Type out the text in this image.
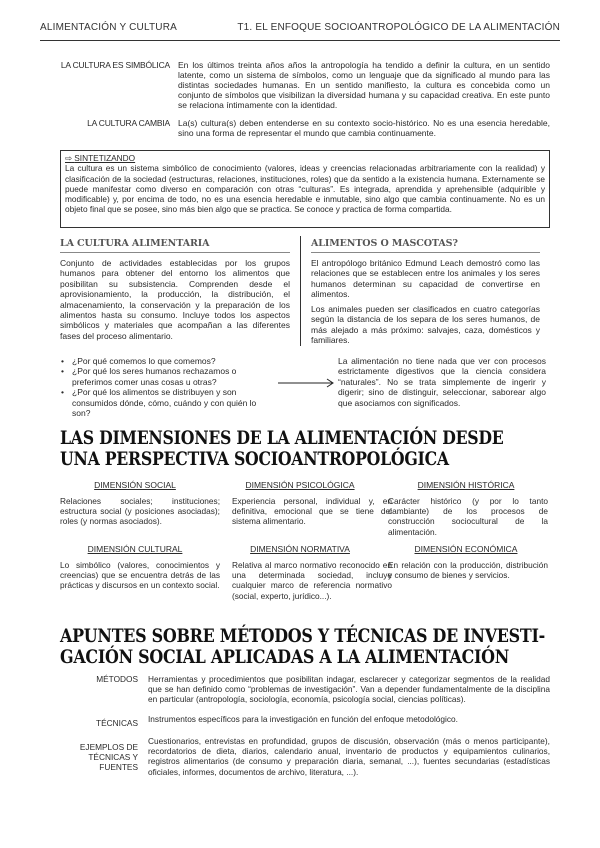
ALIMENTACIÓN Y CULTURA	T1. EL ENFOQUE SOCIOANTROPOLÓGICO DE LA ALIMENTACIÓN
LA CULTURA ES SIMBÓLICA En los últimos treinta años años la antropología ha tendido a definir la cultura, en un sentido latente, como un sistema de símbolos, como un lenguaje que da significado al mundo para las distintas sociedades humanas. En un sentido manifiesto, la cultura es concebida como un conjunto de símbolos que visibilizan la diversidad humana y su capacidad creativa. En este punto se relaciona íntimamente con la identidad.
LA CULTURA CAMBIA La(s) cultura(s) deben entenderse en su contexto socio-histórico. No es una esencia heredable, sino una forma de representar el mundo que cambia continuamente.
⇨ SINTETIZANDO
La cultura es un sistema simbólico de conocimiento (valores, ideas y creencias relacionadas arbitrariamente con la realidad) y clasificación de la sociedad (estructuras, relaciones, instituciones, roles) que da sentido a la existencia humana. Externamente se puede manifestar como diverso en comparación con otras “culturas”. Es integrada, aprendida y aprehensible (adquirible y modificable) y, por encima de todo, no es una esencia heredable e inmutable, sino algo que cambia continuamente. No es un objeto final que se posee, sino más bien algo que se practica. Se conoce y practica de forma compartida.
LA CULTURA ALIMENTARIA
Conjunto de actividades establecidas por los grupos humanos para obtener del entorno los alimentos que posibilitan su subsistencia. Comprenden desde el aprovisionamiento, la producción, la distribución, el almacenamiento, la conservación y la preparación de los alimentos hasta su consumo. Incluye todos los aspectos simbólicos y materiales que acompañan a las diferentes fases del proceso alimentario.
ALIMENTOS O MASCOTAS?
El antropólogo británico Edmund Leach demostró como las relaciones que se establecen entre los animales y los seres humanos determinan su capacidad de convertirse en alimentos.
Los animales pueden ser clasificados en cuatro categorías según la distancia de los separa de los seres humanos, de más alejado a más próximo: salvajes, caza, domésticos y familiares.
• ¿Por qué comemos lo que comemos?
• ¿Por qué los seres humanos rechazamos o preferimos comer unas cosas u otras?
• ¿Por qué los alimentos se distribuyen y son consumidos dónde, cómo, cuándo y con quién lo son?
La alimentación no tiene nada que ver con procesos estrictamente digestivos que la ciencia considera “naturales”. No se trata simplemente de ingerir y digerir; sino de distinguir, seleccionar, saborear algo que asociamos con significados.
LAS DIMENSIONES DE LA ALIMENTACIÓN DESDE
UNA PERSPECTIVA SOCIOANTROPOLÓGICA
DIMENSIÓN SOCIAL
Relaciones sociales; instituciones; estructura social (y posiciones asociadas); roles (y normas asociados).
DIMENSIÓN PSICOLÓGICA
Experiencia personal, individual y, en definitiva, emocional que se tiene del sistema alimentario.
DIMENSIÓN HISTÓRICA
Carácter histórico (y por lo tanto cambiante) de los procesos de construcción sociocultural de la alimentación.
DIMENSIÓN CULTURAL
Lo simbólico (valores, conocimientos y creencias) que se encuentra detrás de las prácticas y discursos en un contexto social.
DIMENSIÓN NORMATIVA
Relativa al marco normativo reconocido en una determinada sociedad, incluye cualquier marco de referencia normativo (social, experto, jurídico...).
DIMENSIÓN ECONÓMICA
En relación con la producción, distribución y consumo de bienes y servicios.
APUNTES SOBRE MÉTODOS Y TÉCNICAS DE INVESTI-
GACIÓN SOCIAL APLICADAS A LA ALIMENTACIÓN
MÉTODOS Herramientas y procedimientos que posibilitan indagar, esclarecer y categorizar segmentos de la realidad que se han definido como “problemas de investigación”. Van a depender fundamentalmente de la disciplina en particular (antropología, sociología, economía, psicología social, ciencias políticas).
TÉCNICAS Instrumentos específicos para la investigación en función del enfoque metodológico.
EJEMPLOS DE TÉCNICAS Y FUENTES
Cuestionarios, entrevistas en profundidad, grupos de discusión, observación (más o menos participante), recordatorios de dieta, diarios, calendario anual, inventario de productos y equipamientos culinarios, registros alimentarios (de consumo y preparación diaria, semanal, ...), fuentes secundarias (estadísticas oficiales, informes, documentos de archivo, literatura, ...).
